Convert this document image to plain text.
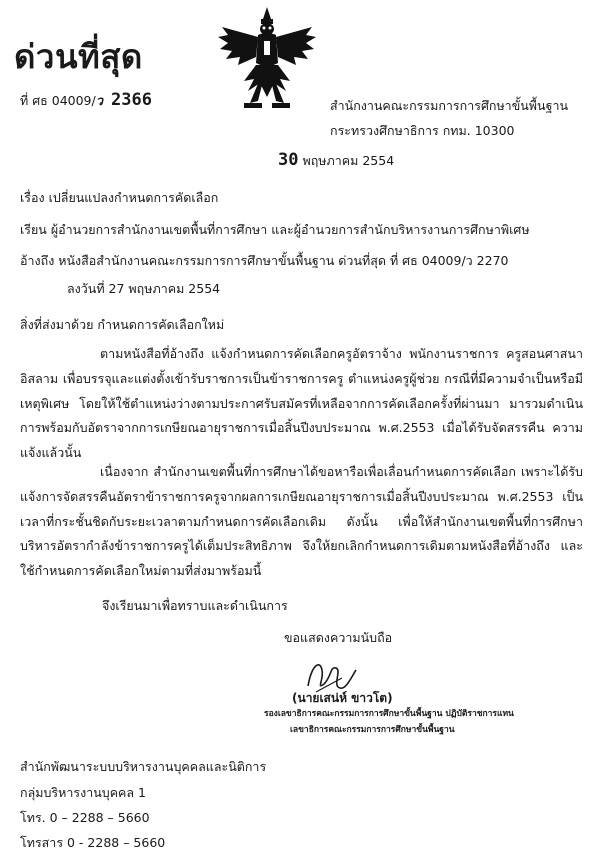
ด่วนที่สุด
ที่ ศธ 04009/ว 2366	สำนักงานคณะกรรมการการศึกษาขั้นพื้นฐาน
กระทรวงศึกษาธิการ กทม. 10300
30 พฤษภาคม 2554
เรื่อง เปลี่ยนแปลงกำหนดการคัดเลือก
เรียน ผู้อำนวยการสำนักงานเขตพื้นที่การศึกษา และผู้อำนวยการสำนักบริหารงานการศึกษาพิเศษ
อ้างถึง หนังสือสำนักงานคณะกรรมการการศึกษาขั้นพื้นฐาน ด่วนที่สุด ที่ ศธ 04009/ว 2270
ลงวันที่ 27 พฤษภาคม 2554
สิ่งที่ส่งมาด้วย กำหนดการคัดเลือกใหม่
ตามหนังสือที่อ้างถึง แจ้งกำหนดการคัดเลือกครูอัตราจ้าง พนักงานราชการ ครูสอนศาสนาอิสลาม เพื่อบรรจุและแต่งตั้งเข้ารับราชการเป็นข้าราชการครู ตำแหน่งครูผู้ช่วย กรณีที่มีความจำเป็นหรือมีเหตุพิเศษ โดยให้ใช้ตำแหน่งว่างตามประกาศรับสมัครที่เหลือจากการคัดเลือกครั้งที่ผ่านมา มารวมดำเนินการพร้อมกับอัตราจากการเกษียณอายุราชการเมื่อสิ้นปีงบประมาณ พ.ศ.2553 เมื่อได้รับจัดสรรคืน ความแจ้งแล้วนั้น
เนื่องจาก สำนักงานเขตพื้นที่การศึกษาได้ขอหารือเพื่อเลื่อนกำหนดการคัดเลือก เพราะได้รับแจ้งการจัดสรรคืนอัตราข้าราชการครูจากผลการเกษียณอายุราชการเมื่อสิ้นปีงบประมาณ พ.ศ.2553 เป็นเวลาที่กระชั้นชิดกับระยะเวลาตามกำหนดการคัดเลือกเดิม ดังนั้น เพื่อให้สำนักงานเขตพื้นที่การศึกษาบริหารอัตรากำลังข้าราชการครูได้เต็มประสิทธิภาพ จึงให้ยกเลิกกำหนดการเดิมตามหนังสือที่อ้างถึง และใช้กำหนดการคัดเลือกใหม่ตามที่ส่งมาพร้อมนี้
จึงเรียนมาเพื่อทราบและดำเนินการ
ขอแสดงความนับถือ
(นายเสน่ห์ ขาวโต)
รองเลขาธิการคณะกรรมการการศึกษาขั้นพื้นฐาน ปฏิบัติราชการแทน
เลขาธิการคณะกรรมการการศึกษาขั้นพื้นฐาน
สำนักพัฒนาระบบบริหารงานบุคคลและนิติการ
กลุ่มบริหารงานบุคคล 1
โทร. 0 – 2288 – 5660
โทรสาร 0 - 2288 – 5660
